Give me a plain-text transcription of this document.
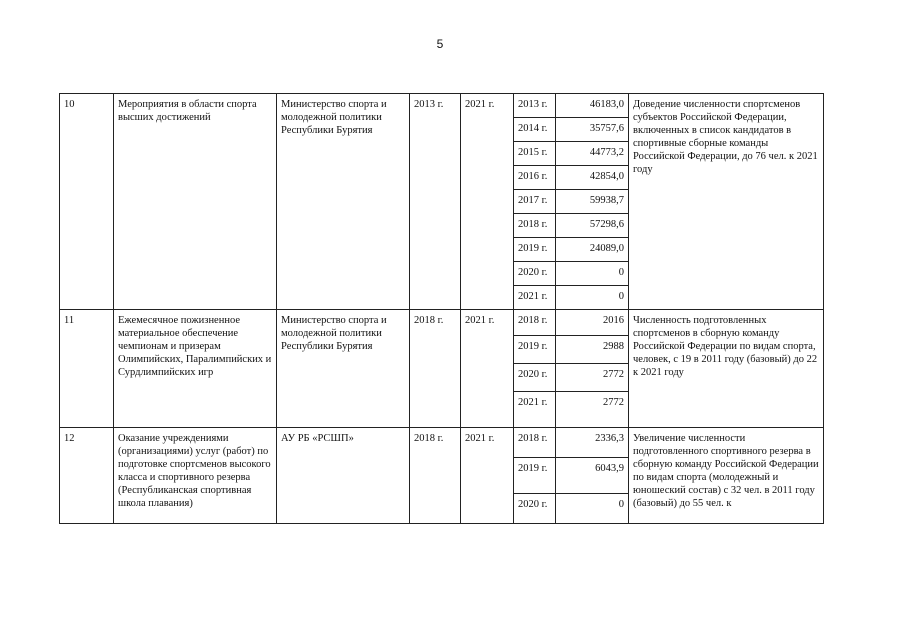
5
10	Мероприятия в области спорта высших достижений	Министерство спорта и молодежной политики Республики Бурятия	2013 г.	2021 г.	2013 г.	46183,0	Доведение численности спортсменов субъектов Российской Федерации, включенных в список кандидатов в спортивные сборные команды Российской Федерации, до 76 чел. к 2021 году
					2014 г.	35757,6	
					2015 г.	44773,2	
					2016 г.	42854,0	
					2017 г.	59938,7	
					2018 г.	57298,6	
					2019 г.	24089,0	
					2020 г.	0	
					2021 г.	0	
11	Ежемесячное пожизненное материальное обеспечение чемпионам и призерам Олимпийских, Паралимпийских и Сурдлимпийских игр	Министерство спорта и молодежной политики Республики Бурятия	2018 г.	2021 г.	2018 г.	2016	Численность подготовленных спортсменов в сборную команду Российской Федерации по видам спорта, человек, с 19 в 2011 году (базовый) до 22 к 2021 году
					2019 г.	2988	
					2020 г.	2772	
					2021 г.	2772	
12	Оказание учреждениями (организациями) услуг (работ) по подготовке спортсменов высокого класса и спортивного резерва (Республиканская спортивная школа плавания)	АУ РБ «РСШП»	2018 г.	2021 г.	2018 г.	2336,3	Увеличение численности подготовленного спортивного резерва в сборную команду Российской Федерации по видам спорта (молодежный и юношеский состав) с 32 чел. в 2011 году (базовый) до 55 чел. к
					2019 г.	6043,9	
					2020 г.	0	
